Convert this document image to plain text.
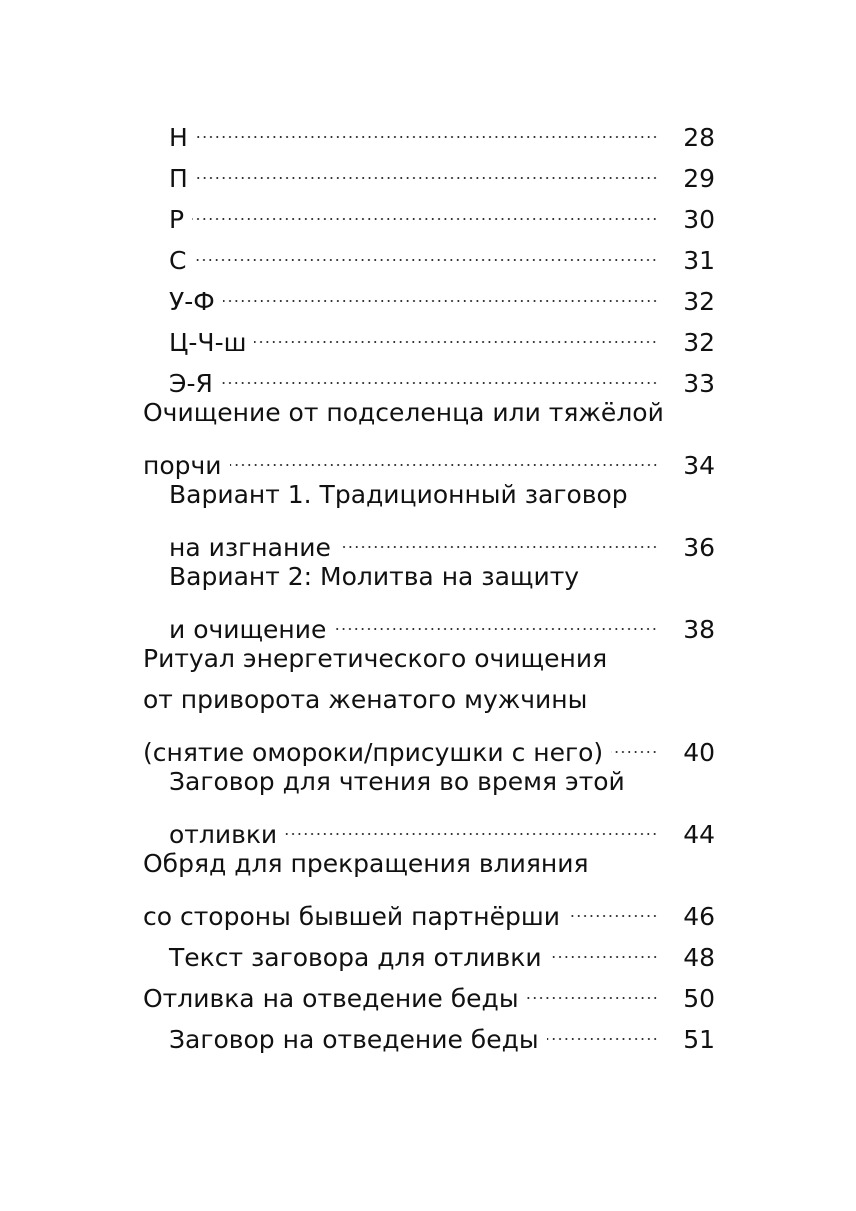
Н	28
П	29
Р	30
С	31
У-Ф	32
Ц-Ч-ш	32
Э-Я	33
Очищение от подселенца или тяжёлой
порчи	34
Вариант 1. Традиционный заговор
на изгнание	36
Вариант 2: Молитва на защиту
и очищение	38
Ритуал энергетического очищения
от приворота женатого мужчины
(снятие омороки/присушки с него)	40
Заговор для чтения во время этой
отливки	44
Обряд для прекращения влияния
со стороны бывшей партнёрши	46
Текст заговора для отливки	48
Отливка на отведение беды	50
Заговор на отведение беды	51
